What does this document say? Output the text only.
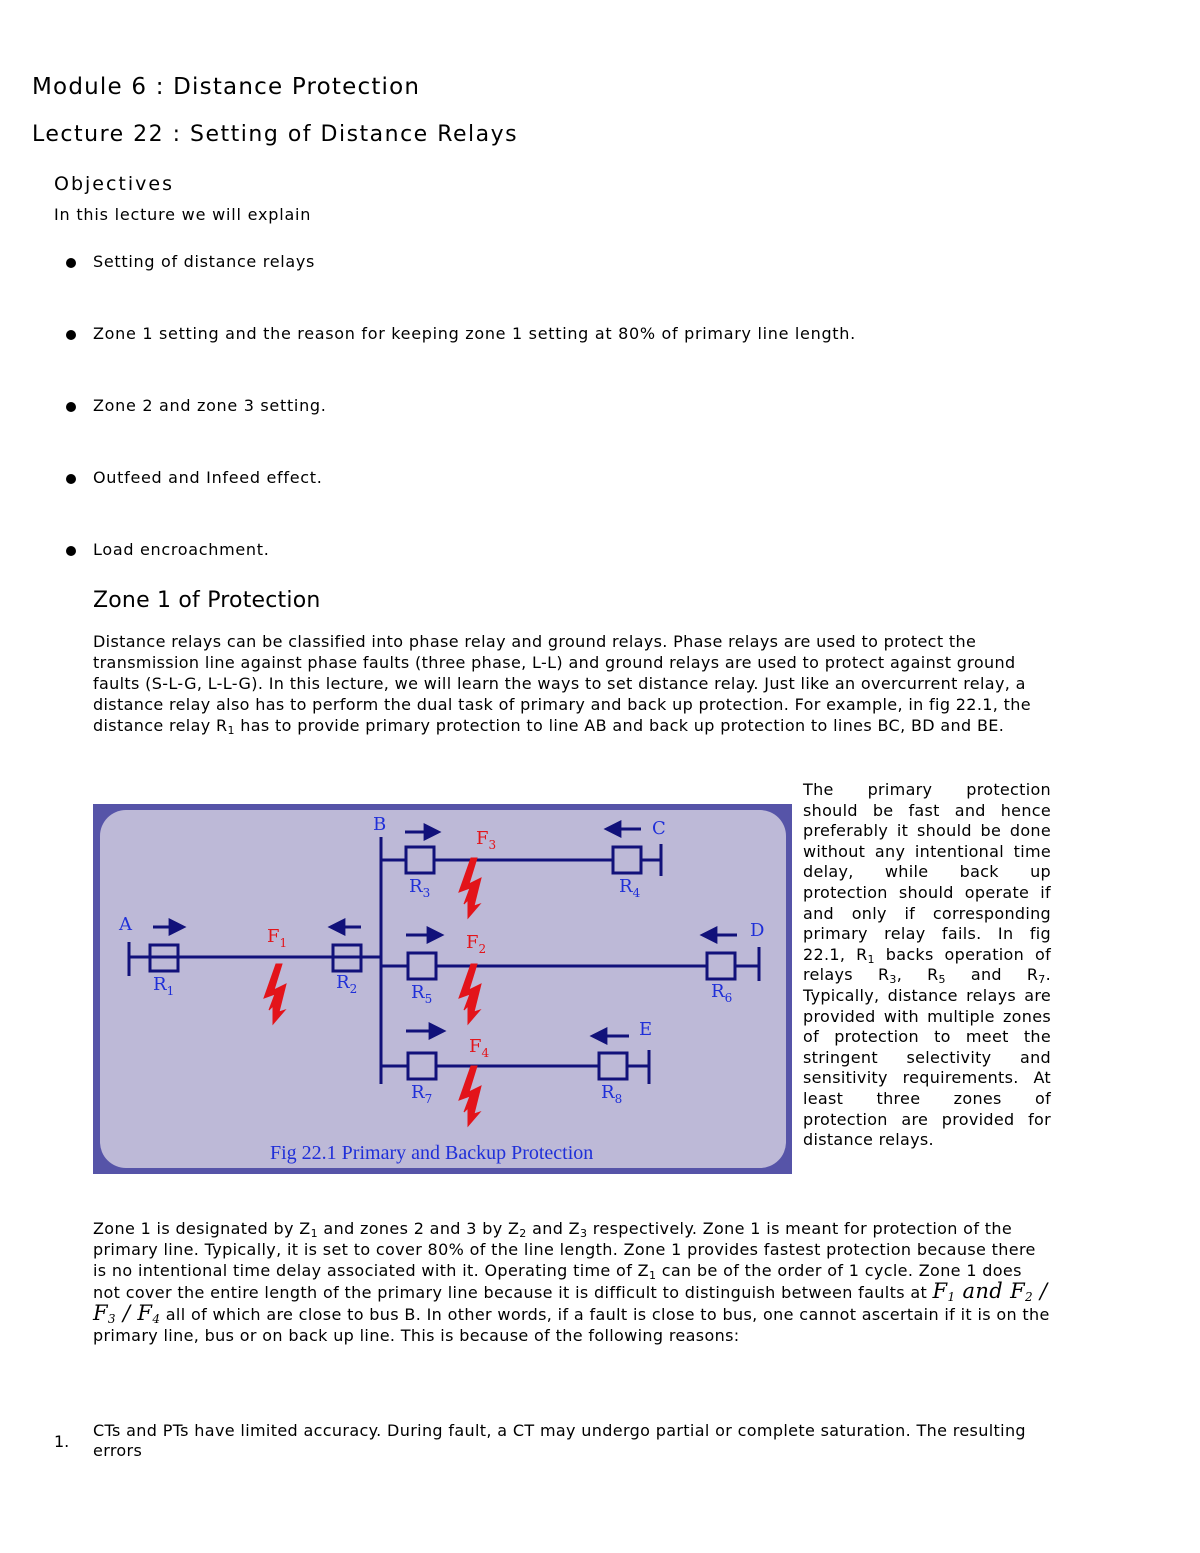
Module 6 : Distance Protection
Lecture 22 : Setting of Distance Relays
Objectives
In this lecture we will explain
Setting of distance relays
Zone 1 setting and the reason for keeping zone 1 setting at 80% of primary line length.
Zone 2 and zone 3 setting.
Outfeed and Infeed effect.
Load encroachment.
Zone 1 of Protection
Distance relays can be classified into phase relay and ground relays. Phase relays are used to protect the transmission line against phase faults (three phase, L-L) and ground relays are used to protect against ground faults (S-L-G, L-L-G). In this lecture, we will learn the ways to set distance relay. Just like an overcurrent relay, a distance relay also has to perform the dual task of primary and back up protection. For example, in fig 22.1, the distance relay $R_1$ has to provide primary protection to line AB and back up protection to lines BC, BD and BE.
A
B	C
D
E
$R_1$	$R_2$
$R_3$	$R_4$
$R_5$	$R_6$
$R_7$	$R_8$
$F_1$	$F_2$
$F_3$
$F_4$
Fig 22.1 Primary and Backup Protection
The primary protection should be fast and hence preferably it should be done without any intentional time delay, while back up protection should operate if and only if corresponding primary relay fails. In fig 22.1, $R_1$ backs operation of relays $R_3$, $R_5$ and $R_7$. Typically, distance relays are provided with multiple zones of protection to meet the stringent selectivity and sensitivity requirements. At least three zones of protection are provided for distance relays.
Zone 1 is designated by $Z_1$ and zones 2 and 3 by $Z_2$ and $Z_3$ respectively. Zone 1 is meant for protection of the primary line. Typically, it is set to cover 80% of the line length. Zone 1 provides fastest protection because there is no intentional time delay associated with it. Operating time of $Z_1$ can be of the order of 1 cycle. Zone 1 does not cover the entire length of the primary line because it is difficult to distinguish between faults at $F_1$ and $F_2 / F_3 / F_4$ all of which are close to bus B. In other words, if a fault is close to bus, one cannot ascertain if it is on the primary line, bus or on back up line. This is because of the following reasons:
1.
CTs and PTs have limited accuracy. During fault, a CT may undergo partial or complete saturation. The resulting errors
